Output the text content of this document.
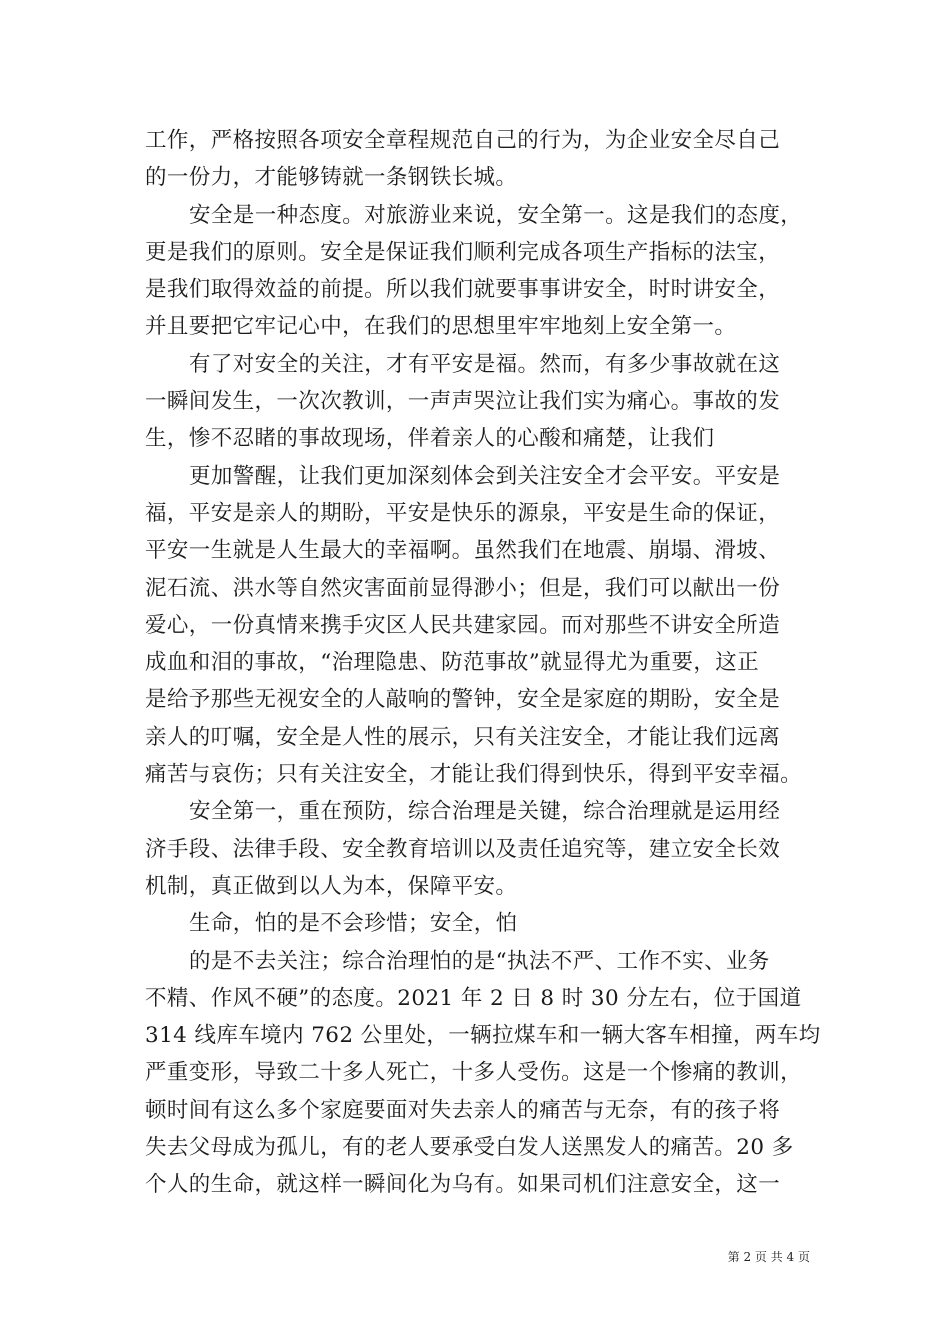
工作，严格按照各项安全章程规范自己的行为，为企业安全尽自己
的一份力，才能够铸就一条钢铁长城。
安全是一种态度。对旅游业来说，安全第一。这是我们的态度，
更是我们的原则。安全是保证我们顺利完成各项生产指标的法宝，
是我们取得效益的前提。所以我们就要事事讲安全，时时讲安全，
并且要把它牢记心中，在我们的思想里牢牢地刻上安全第一。
有了对安全的关注，才有平安是福。然而，有多少事故就在这
一瞬间发生，一次次教训，一声声哭泣让我们实为痛心。事故的发
生，惨不忍睹的事故现场，伴着亲人的心酸和痛楚，让我们
更加警醒，让我们更加深刻体会到关注安全才会平安。平安是
福，平安是亲人的期盼，平安是快乐的源泉，平安是生命的保证，
平安一生就是人生最大的幸福啊。虽然我们在地震、崩塌、滑坡、
泥石流、洪水等自然灾害面前显得渺小；但是，我们可以献出一份
爱心，一份真情来携手灾区人民共建家园。而对那些不讲安全所造
成血和泪的事故，“治理隐患、防范事故”就显得尤为重要，这正
是给予那些无视安全的人敲响的警钟，安全是家庭的期盼，安全是
亲人的叮嘱，安全是人性的展示，只有关注安全，才能让我们远离
痛苦与哀伤；只有关注安全，才能让我们得到快乐，得到平安幸福。
安全第一，重在预防，综合治理是关键，综合治理就是运用经
济手段、法律手段、安全教育培训以及责任追究等，建立安全长效
机制，真正做到以人为本，保障平安。
生命，怕的是不会珍惜；安全，怕
的是不去关注；综合治理怕的是“执法不严、工作不实、业务
不精、作风不硬”的态度。2021 年 2 日 8 时 30 分左右，位于国道
314 线库车境内 762 公里处，一辆拉煤车和一辆大客车相撞，两车均
严重变形，导致二十多人死亡，十多人受伤。这是一个惨痛的教训，
顿时间有这么多个家庭要面对失去亲人的痛苦与无奈，有的孩子将
失去父母成为孤儿，有的老人要承受白发人送黑发人的痛苦。20 多
个人的生命，就这样一瞬间化为乌有。如果司机们注意安全，这一
第 2 页 共 4 页
